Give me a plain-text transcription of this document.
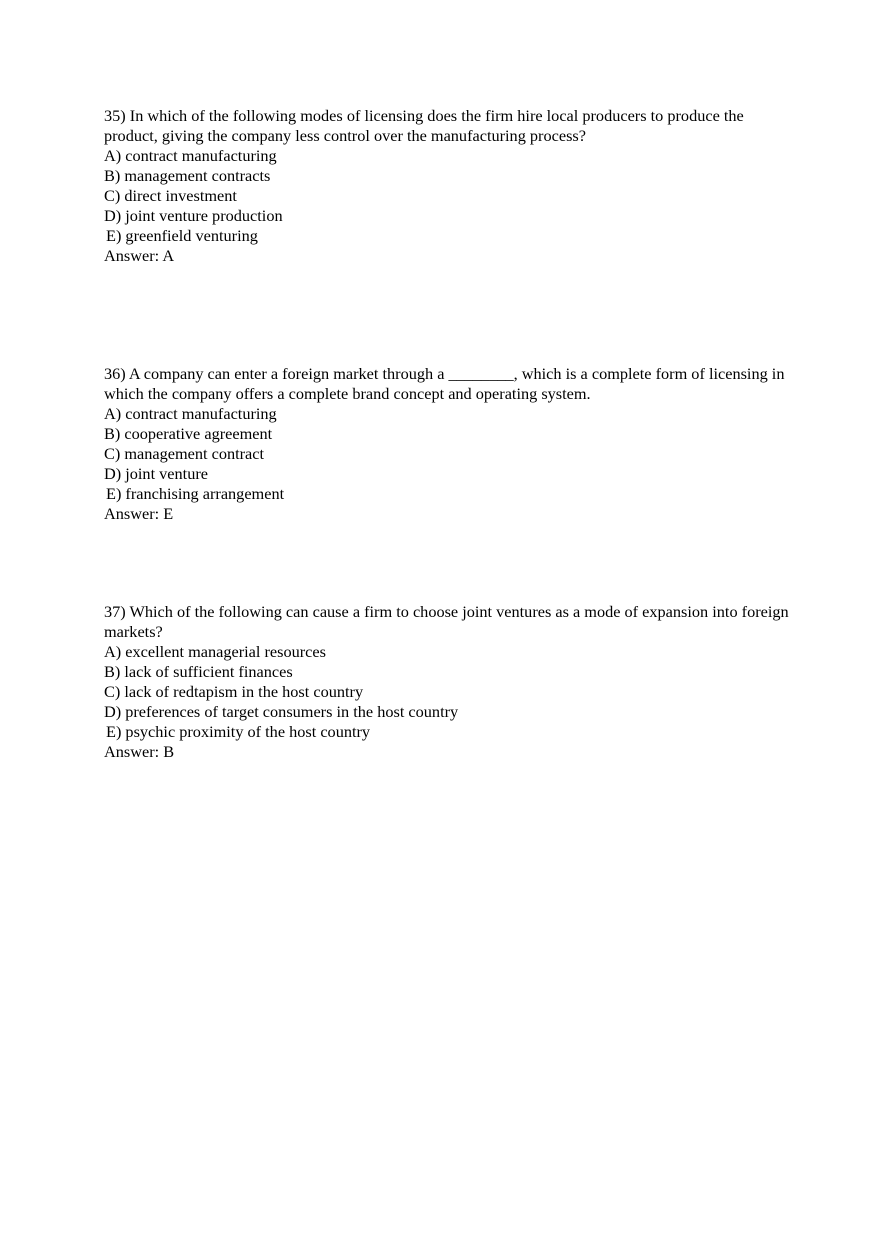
35) In which of the following modes of licensing does the firm hire local producers to produce the product, giving the company less control over the manufacturing process?

A) contract manufacturing
B) management contracts
C) direct investment
D) joint venture production
E) greenfield venturing

Answer: A

36) A company can enter a foreign market through a ________, which is a complete form of licensing in which the company offers a complete brand concept and operating system.

A) contract manufacturing
B) cooperative agreement
C) management contract
D) joint venture
E) franchising arrangement

Answer: E

37) Which of the following can cause a firm to choose joint ventures as a mode of expansion into foreign markets?

A) excellent managerial resources
B) lack of sufficient finances
C) lack of redtapism in the host country
D) preferences of target consumers in the host country
E) psychic proximity of the host country

Answer: B
